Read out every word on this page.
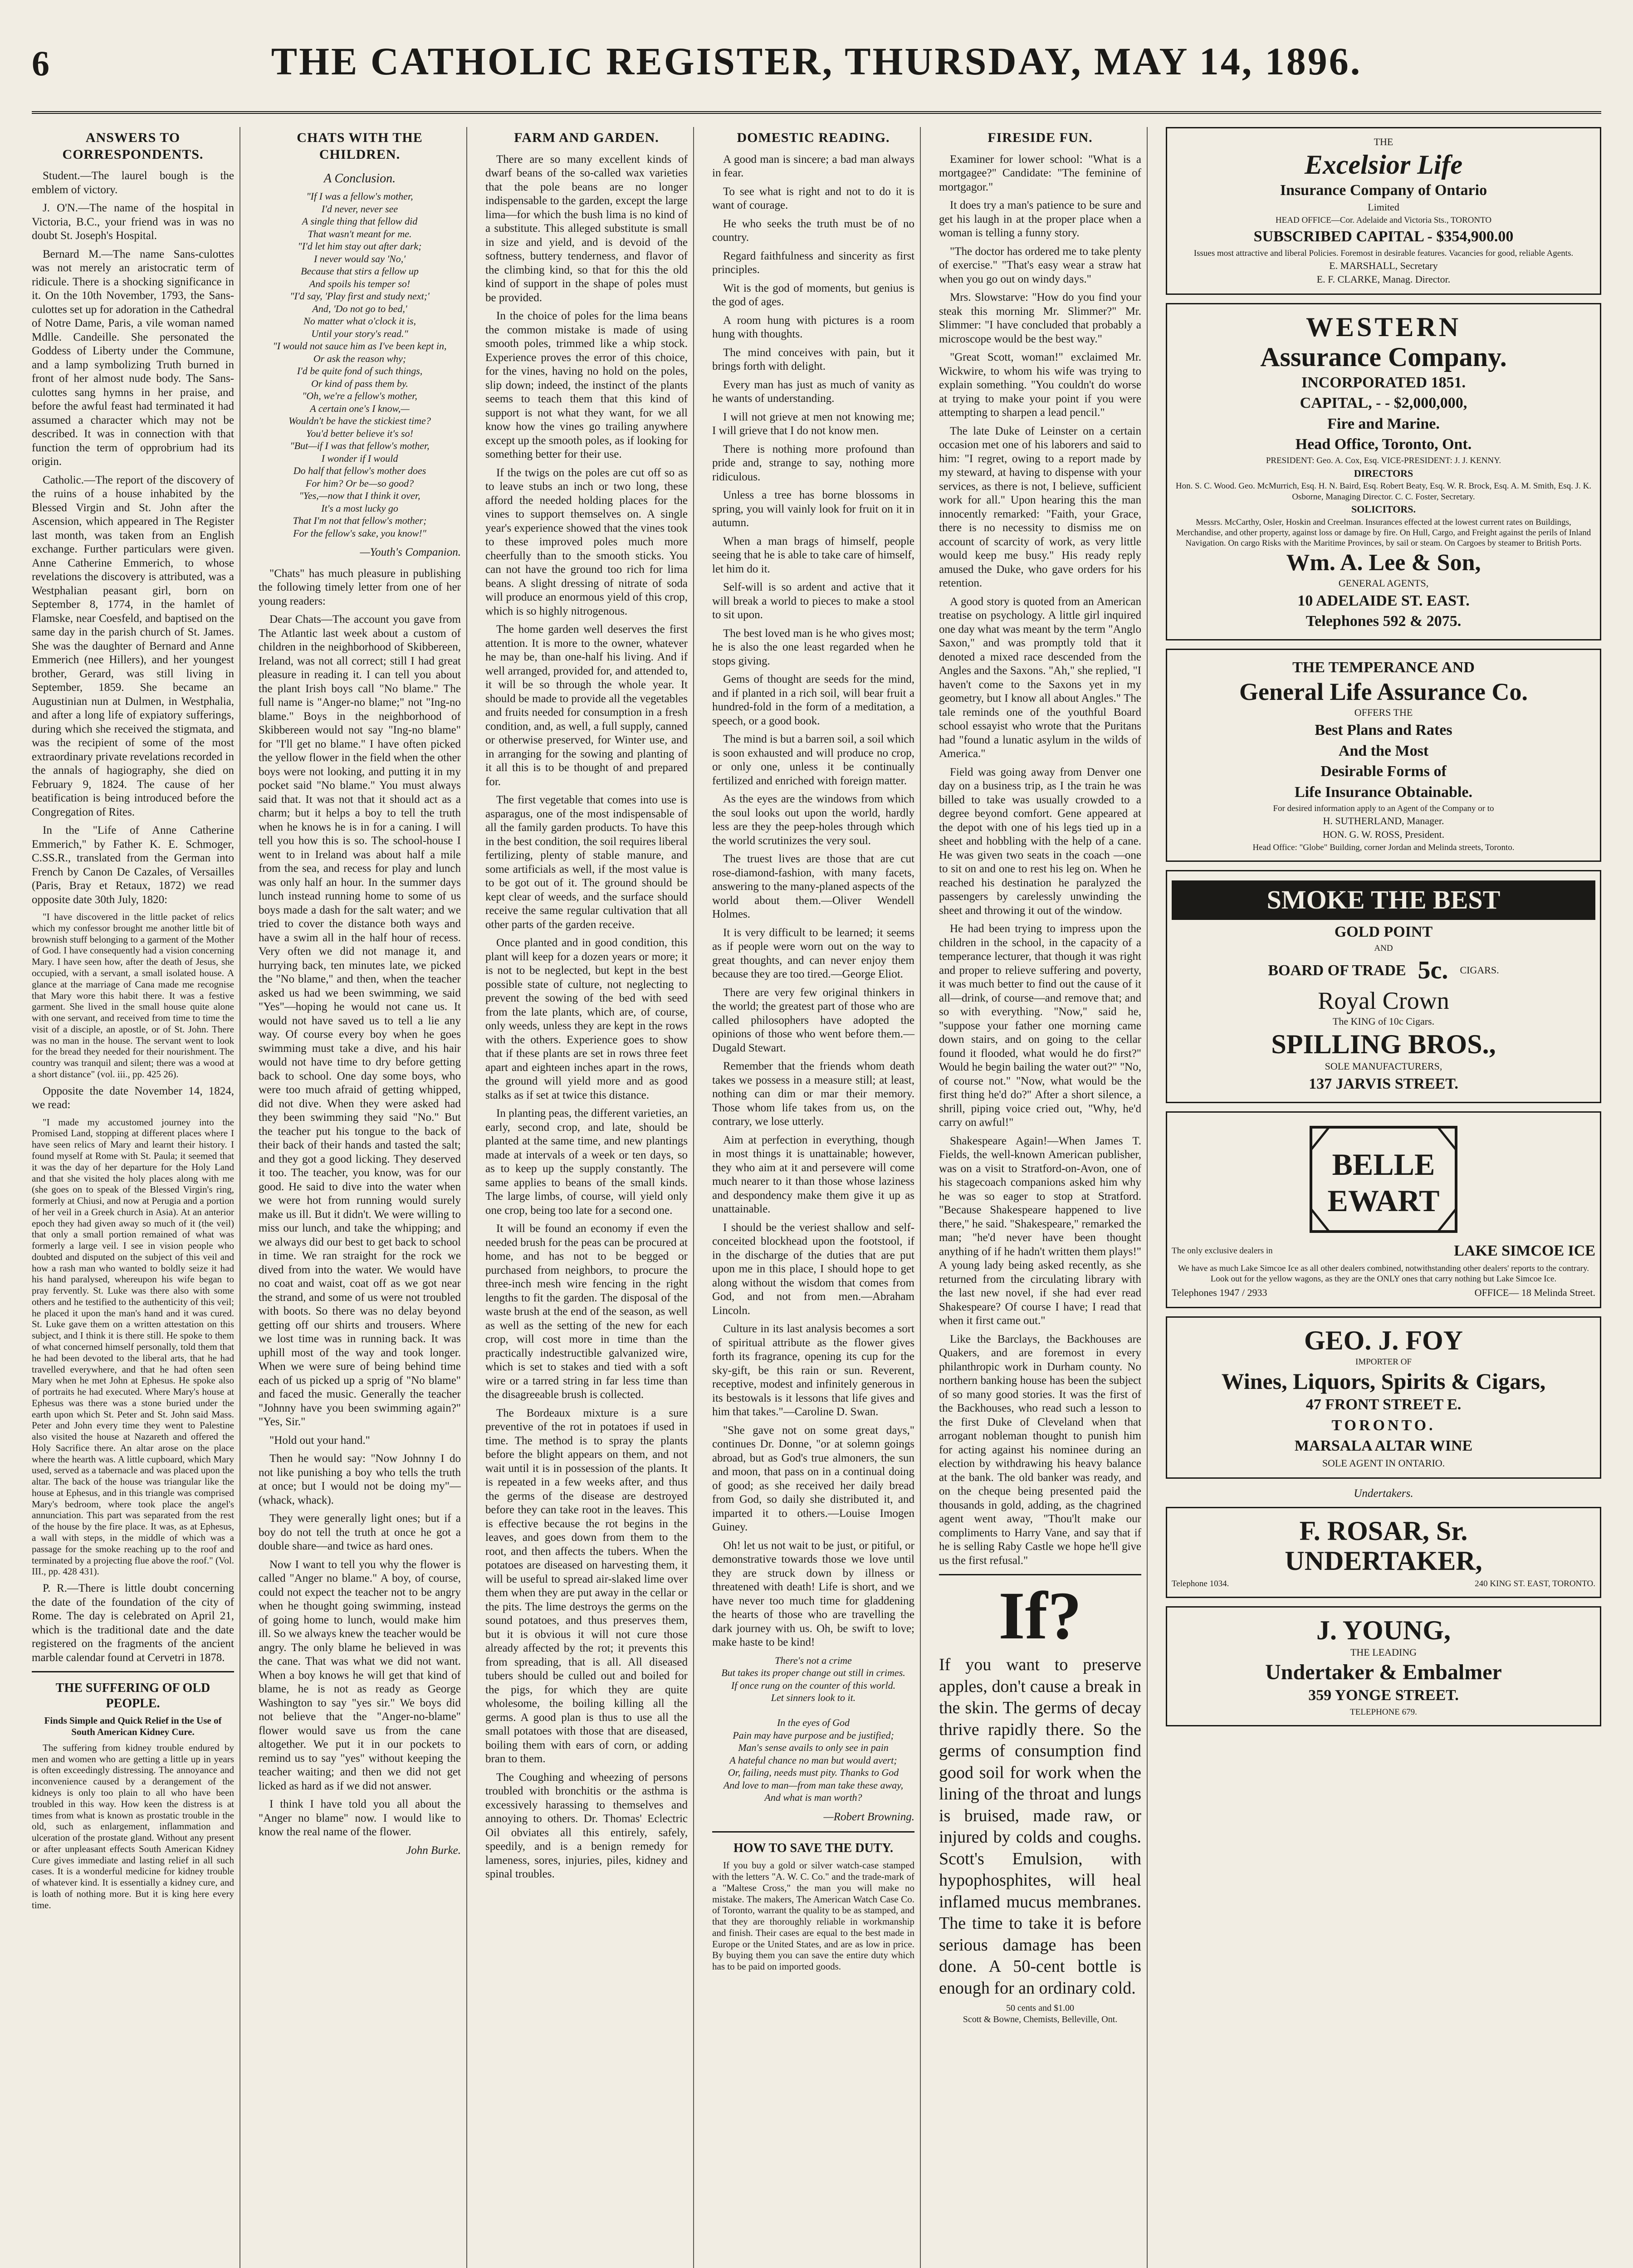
6	THE CATHOLIC REGISTER, THURSDAY, MAY 14, 1896.
ANSWERS TO CORRESPONDENTS.

Student.—The laurel bough is the emblem of victory.

J. O'N.—The name of the hospital in Victoria, B.C., your friend was in was no doubt St. Joseph's Hospital.

Bernard M.—The name Sans-culottes was not merely an aristocratic term of ridicule. There is a shocking significance in it. On the 10th November, 1793, the Sans-culottes set up for adoration in the Cathedral of Notre Dame, Paris, a vile woman named Mdlle. Candeille. She personated the Goddess of Liberty under the Commune, and a lamp symbolizing Truth burned in front of her almost nude body. The Sans-culottes sang hymns in her praise, and before the awful feast had terminated it had assumed a character which may not be described. It was in connection with that function the term of opprobrium had its origin.

Catholic.—The report of the discovery of the ruins of a house inhabited by the Blessed Virgin and St. John after the Ascension, which appeared in The Register last month, was taken from an English exchange. Further particulars were given. Anne Catherine Emmerich, to whose revelations the discovery is attributed, was a Westphalian peasant girl, born on September 8, 1774, in the hamlet of Flamske, near Coesfeld, and baptised on the same day in the parish church of St. James. She was the daughter of Bernard and Anne Emmerich (nee Hillers), and her youngest brother, Gerard, was still living in September, 1859. She became an Augustinian nun at Dulmen, in Westphalia, and after a long life of expiatory sufferings, during which she received the stigmata, and was the recipient of some of the most extraordinary private revelations recorded in the annals of hagiography, she died on February 9, 1824. The cause of her beatification is being introduced before the Congregation of Rites.

In the "Life of Anne Catherine Emmerich," by Father K. E. Schmoger, C.SS.R., translated from the German into French by Canon De Cazales, of Versailles (Paris, Bray et Retaux, 1872) we read opposite date 30th July, 1820:

"I have discovered in the little packet of relics which my confessor brought me another little bit of brownish stuff belonging to a garment of the Mother of God. I have consequently had a vision concerning Mary. I have seen how, after the death of Jesus, she occupied, with a servant, a small isolated house. A glance at the marriage of Cana made me recognise that Mary wore this habit there. It was a festive garment. She lived in the small house quite alone with one servant, and received from time to time the visit of a disciple, an apostle, or of St. John. There was no man in the house. The servant went to look for the bread they needed for their nourishment. The country was tranquil and silent; there was a wood at a short distance" (vol. iii., pp. 425 26).

Opposite the date November 14, 1824, we read:

"I made my accustomed journey into the Promised Land, stopping at different places where I have seen relics of Mary and learnt their history. I found myself at Rome with St. Paula; it seemed that it was the day of her departure for the Holy Land and that she visited the holy places along with me (she goes on to speak of the Blessed Virgin's ring, formerly at Chiusi, and now at Perugia and a portion of her veil in a Greek church in Asia). At an anterior epoch they had given away so much of it (the veil) that only a small portion remained of what was formerly a large veil. I see in vision people who doubted and disputed on the subject of this veil and how a rash man who wanted to boldly seize it had his hand paralysed, whereupon his wife began to pray fervently. St. Luke was there also with some others and he testified to the authenticity of this veil; he placed it upon the man's hand and it was cured. St. Luke gave them on a written attestation on this subject, and I think it is there still. He spoke to them of what concerned himself personally, told them that he had been devoted to the liberal arts, that he had travelled everywhere, and that he had often seen Mary when he met John at Ephesus. He spoke also of portraits he had executed. Where Mary's house at Ephesus was there was a stone buried under the earth upon which St. Peter and St. John said Mass. Peter and John every time they went to Palestine also visited the house at Nazareth and offered the Holy Sacrifice there. An altar arose on the place where the hearth was. A little cupboard, which Mary used, served as a tabernacle and was placed upon the altar. The back of the house was triangular like the house at Ephesus, and in this triangle was comprised Mary's bedroom, where took place the angel's annunciation. This part was separated from the rest of the house by the fire place. It was, as at Ephesus, a wall with steps, in the middle of which was a passage for the smoke reaching up to the roof and terminated by a projecting flue above the roof." (Vol. III., pp. 428 431).

P. R.—There is little doubt concerning the date of the foundation of the city of Rome. The day is celebrated on April 21, which is the traditional date and the date registered on the fragments of the ancient marble calendar found at Cervetri in 1878.

THE SUFFERING OF OLD PEOPLE.

Finds Simple and Quick Relief in the Use of South American Kidney Cure.

The suffering from kidney trouble endured by men and women who are getting a little up in years is often exceedingly distressing. The annoyance and inconvenience caused by a derangement of the kidneys is only too plain to all who have been troubled in this way. How keen the distress is at times from what is known as prostatic trouble in the old, such as enlargement, inflammation and ulceration of the prostate gland. Without any present or after unpleasant effects South American Kidney Cure gives immediate and lasting relief in all such cases. It is a wonderful medicine for kidney trouble of whatever kind. It is essentially a kidney cure, and is loath of nothing more. But it is king here every time.

CHATS WITH THE CHILDREN.
A Conclusion.
"If I was a fellow's mother,
I'd never, never see
A single thing that fellow did
That wasn't meant for me.
"I'd let him stay out after dark;
I never would say 'No,'
Because that stirs a fellow up
And spoils his temper so!
"I'd say, 'Play first and study next;'
And, 'Do not go to bed,'
No matter what o'clock it is,
Until your story's read."
"I would not sauce him as I've been kept in,
Or ask the reason why;
I'd be quite fond of such things,
Or kind of pass them by.
"Oh, we're a fellow's mother,
A certain one's I know,—
Wouldn't be have the stickiest time?
You'd better believe it's so!
"But—if I was that fellow's mother,
I wonder if I would
Do half that fellow's mother does
For him? Or be—so good?
"Yes,—now that I think it over,
It's a most lucky go
That I'm not that fellow's mother;
For the fellow's sake, you know!"
—Youth's Companion.

"Chats" has much pleasure in publishing the following timely letter from one of her young readers:

Dear Chats—The account you gave from The Atlantic last week about a custom of children in the neighborhood of Skibbereen, Ireland, was not all correct; still I had great pleasure in reading it. I can tell you about the plant Irish boys call "No blame." The full name is "Anger-no blame;" not "Ing-no blame." Boys in the neighborhood of Skibbereen would not say "Ing-no blame" for "I'll get no blame." I have often picked the yellow flower in the field when the other boys were not looking, and putting it in my pocket said "No blame." You must always said that. It was not that it should act as a charm; but it helps a boy to tell the truth when he knows he is in for a caning. I will tell you how this is so. The school-house I went to in Ireland was about half a mile from the sea, and recess for play and lunch was only half an hour. In the summer days lunch instead running home to some of us boys made a dash for the salt water; and we tried to cover the distance both ways and have a swim all in the half hour of recess. Very often we did not manage it, and hurrying back, ten minutes late, we picked the "No blame," and then, when the teacher asked us had we been swimming, we said "Yes"—hoping he would not cane us. It would not have saved us to tell a lie any way. Of course every boy when he goes swimming must take a dive, and his hair would not have time to dry before getting back to school. One day some boys, who were too much afraid of getting whipped, did not dive. When they were asked had they been swimming they said "No." But the teacher put his tongue to the back of their back of their hands and tasted the salt; and they got a good licking. They deserved it too. The teacher, you know, was for our good. He said to dive into the water when we were hot from running would surely make us ill. But it didn't. We were willing to miss our lunch, and take the whipping; and we always did our best to get back to school in time. We ran straight for the rock we dived from into the water. We would have no coat and waist, coat off as we got near the strand, and some of us were not troubled with boots. So there was no delay beyond getting off our shirts and trousers. Where we lost time was in running back. It was uphill most of the way and took longer. When we were sure of being behind time each of us picked up a sprig of "No blame" and faced the music. Generally the teacher "Johnny have you been swimming again?" "Yes, Sir."

"Hold out your hand."

Then he would say: "Now Johnny I do not like punishing a boy who tells the truth at once; but I would not be doing my"—(whack, whack).

They were generally light ones; but if a boy do not tell the truth at once he got a double share—and twice as hard ones.

Now I want to tell you why the flower is called "Anger no blame." A boy, of course, could not expect the teacher not to be angry when he thought going swimming, instead of going home to lunch, would make him ill. So we always knew the teacher would be angry. The only blame he believed in was the cane. That was what we did not want. When a boy knows he will get that kind of blame, he is not as ready as George Washington to say "yes sir." We boys did not believe that the "Anger-no-blame" flower would save us from the cane altogether. We put it in our pockets to remind us to say "yes" without keeping the teacher waiting; and then we did not get licked as hard as if we did not answer.

I think I have told you all about the "Anger no blame" now. I would like to know the real name of the flower.

John Burke.
FARM AND GARDEN.

There are so many excellent kinds of dwarf beans of the so-called wax varieties that the pole beans are no longer indispensable to the garden, except the large lima—for which the bush lima is no kind of a substitute. This alleged substitute is small in size and yield, and is devoid of the softness, buttery tenderness, and flavor of the climbing kind, so that for this the old kind of support in the shape of poles must be provided.

In the choice of poles for the lima beans the common mistake is made of using smooth poles, trimmed like a whip stock. Experience proves the error of this choice, for the vines, having no hold on the poles, slip down; indeed, the instinct of the plants seems to teach them that this kind of support is not what they want, for we all know how the vines go trailing anywhere except up the smooth poles, as if looking for something better for their use.

If the twigs on the poles are cut off so as to leave stubs an inch or two long, these afford the needed holding places for the vines to support themselves on. A single year's experience showed that the vines took to these improved poles much more cheerfully than to the smooth sticks. You can not have the ground too rich for lima beans. A slight dressing of nitrate of soda will produce an enormous yield of this crop, which is so highly nitrogenous.

The home garden well deserves the first attention. It is more to the owner, whatever he may be, than one-half his living. And if well arranged, provided for, and attended to, it will be so through the whole year. It should be made to provide all the vegetables and fruits needed for consumption in a fresh condition, and, as well, a full supply, canned or otherwise preserved, for Winter use, and in arranging for the sowing and planting of it all this is to be thought of and prepared for.

The first vegetable that comes into use is asparagus, one of the most indispensable of all the family garden products. To have this in the best condition, the soil requires liberal fertilizing, plenty of stable manure, and some artificials as well, if the most value is to be got out of it. The ground should be kept clear of weeds, and the surface should receive the same regular cultivation that all other parts of the garden receive.

Once planted and in good condition, this plant will keep for a dozen years or more; it is not to be neglected, but kept in the best possible state of culture, not neglecting to prevent the sowing of the bed with seed from the late plants, which are, of course, only weeds, unless they are kept in the rows with the others. Experience goes to show that if these plants are set in rows three feet apart and eighteen inches apart in the rows, the ground will yield more and as good stalks as if set at twice this distance.

In planting peas, the different varieties, an early, second crop, and late, should be planted at the same time, and new plantings made at intervals of a week or ten days, so as to keep up the supply constantly. The same applies to beans of the small kinds. The large limbs, of course, will yield only one crop, being too late for a second one.

It will be found an economy if even the needed brush for the peas can be procured at home, and has not to be begged or purchased from neighbors, to procure the three-inch mesh wire fencing in the right lengths to fit the garden. The disposal of the waste brush at the end of the season, as well as well as the setting of the new for each crop, will cost more in time than the practically indestructible galvanized wire, which is set to stakes and tied with a soft wire or a tarred string in far less time than the disagreeable brush is collected.

The Bordeaux mixture is a sure preventive of the rot in potatoes if used in time. The method is to spray the plants before the blight appears on them, and not wait until it is in possession of the plants. It is repeated in a few weeks after, and thus the germs of the disease are destroyed before they can take root in the leaves. This is effective because the rot begins in the leaves, and goes down from them to the root, and then affects the tubers. When the potatoes are diseased on harvesting them, it will be useful to spread air-slaked lime over them when they are put away in the cellar or the pits. The lime destroys the germs on the sound potatoes, and thus preserves them, but it is obvious it will not cure those already affected by the rot; it prevents this from spreading, that is all. All diseased tubers should be culled out and boiled for the pigs, for which they are quite wholesome, the boiling killing all the germs. A good plan is thus to use all the small potatoes with those that are diseased, boiling them with ears of corn, or adding bran to them.

The Coughing and wheezing of persons troubled with bronchitis or the asthma is excessively harassing to themselves and annoying to others. Dr. Thomas' Eclectric Oil obviates all this entirely, safely, speedily, and is a benign remedy for lameness, sores, injuries, piles, kidney and spinal troubles.

DOMESTIC READING.

A good man is sincere; a bad man always in fear.

To see what is right and not to do it is want of courage.

He who seeks the truth must be of no country.

Regard faithfulness and sincerity as first principles.

Wit is the god of moments, but genius is the god of ages.

A room hung with pictures is a room hung with thoughts.

The mind conceives with pain, but it brings forth with delight.

Every man has just as much of vanity as he wants of understanding.

I will not grieve at men not knowing me; I will grieve that I do not know men.

There is nothing more profound than pride and, strange to say, nothing more ridiculous.

Unless a tree has borne blossoms in spring, you will vainly look for fruit on it in autumn.

When a man brags of himself, people seeing that he is able to take care of himself, let him do it.

Self-will is so ardent and active that it will break a world to pieces to make a stool to sit upon.

The best loved man is he who gives most; he is also the one least regarded when he stops giving.

Gems of thought are seeds for the mind, and if planted in a rich soil, will bear fruit a hundred-fold in the form of a meditation, a speech, or a good book.

The mind is but a barren soil, a soil which is soon exhausted and will produce no crop, or only one, unless it be continually fertilized and enriched with foreign matter.

As the eyes are the windows from which the soul looks out upon the world, hardly less are they the peep-holes through which the world scrutinizes the very soul.

The truest lives are those that are cut rose-diamond-fashion, with many facets, answering to the many-planed aspects of the world about them.—Oliver Wendell Holmes.

It is very difficult to be learned; it seems as if people were worn out on the way to great thoughts, and can never enjoy them because they are too tired.—George Eliot.

There are very few original thinkers in the world; the greatest part of those who are called philosophers have adopted the opinions of those who went before them.—Dugald Stewart.

Remember that the friends whom death takes we possess in a measure still; at least, nothing can dim or mar their memory. Those whom life takes from us, on the contrary, we lose utterly.

Aim at perfection in everything, though in most things it is unattainable; however, they who aim at it and persevere will come much nearer to it than those whose laziness and despondency make them give it up as unattainable.

I should be the veriest shallow and self-conceited blockhead upon the footstool, if in the discharge of the duties that are put upon me in this place, I should hope to get along without the wisdom that comes from God, and not from men.—Abraham Lincoln.

Culture in its last analysis becomes a sort of spiritual attribute as the flower gives forth its fragrance, opening its cup for the sky-gift, be this rain or sun. Reverent, receptive, modest and infinitely generous in its bestowals is it lessons that life gives and him that takes."—Caroline D. Swan.

"She gave not on some great days," continues Dr. Donne, "or at solemn goings abroad, but as God's true almoners, the sun and moon, that pass on in a continual doing of good; as she received her daily bread from God, so daily she distributed it, and imparted it to others.—Louise Imogen Guiney.

Oh! let us not wait to be just, or pitiful, or demonstrative towards those we love until they are struck down by illness or threatened with death! Life is short, and we have never too much time for gladdening the hearts of those who are travelling the dark journey with us. Oh, be swift to love; make haste to be kind!

There's not a crime
But takes its proper change out still in crimes.
If once rung on the counter of this world.
Let sinners look to it.

In the eyes of God
Pain may have purpose and be justified;
Man's sense avails to only see in pain
A hateful chance no man but would avert;
Or, failing, needs must pity. Thanks to God
And love to man—from man take these away,
And what is man worth?
—Robert Browning.
HOW TO SAVE THE DUTY.

If you buy a gold or silver watch-case stamped with the letters "A. W. C. Co." and the trade-mark of a "Maltese Cross," the man you will make no mistake. The makers, The American Watch Case Co. of Toronto, warrant the quality to be as stamped, and that they are thoroughly reliable in workmanship and finish. Their cases are equal to the best made in Europe or the United States, and are as low in price. By buying them you can save the entire duty which has to be paid on imported goods.

FIRESIDE FUN.

Examiner for lower school: "What is a mortgagee?" Candidate: "The feminine of mortgagor."

It does try a man's patience to be sure and get his laugh in at the proper place when a woman is telling a funny story.

"The doctor has ordered me to take plenty of exercise." "That's easy wear a straw hat when you go out on windy days."

Mrs. Slowstarve: "How do you find your steak this morning Mr. Slimmer?" Mr. Slimmer: "I have concluded that probably a microscope would be the best way."

"Great Scott, woman!" exclaimed Mr. Wickwire, to whom his wife was trying to explain something. "You couldn't do worse at trying to make your point if you were attempting to sharpen a lead pencil."

The late Duke of Leinster on a certain occasion met one of his laborers and said to him: "I regret, owing to a report made by my steward, at having to dispense with your services, as there is not, I believe, sufficient work for all." Upon hearing this the man innocently remarked: "Faith, your Grace, there is no necessity to dismiss me on account of scarcity of work, as very little would keep me busy." His ready reply amused the Duke, who gave orders for his retention.

A good story is quoted from an American treatise on psychology. A little girl inquired one day what was meant by the term "Anglo Saxon," and was promptly told that it denoted a mixed race descended from the Angles and the Saxons. "Ah," she replied, "I haven't come to the Saxons yet in my geometry, but I know all about Angles." The tale reminds one of the youthful Board school essayist who wrote that the Puritans had "found a lunatic asylum in the wilds of America."

Field was going away from Denver one day on a business trip, as I the train he was billed to take was usually crowded to a degree beyond comfort. Gene appeared at the depot with one of his legs tied up in a sheet and hobbling with the help of a cane. He was given two seats in the coach —one to sit on and one to rest his leg on. When he reached his destination he paralyzed the passengers by carelessly unwinding the sheet and throwing it out of the window.

He had been trying to impress upon the children in the school, in the capacity of a temperance lecturer, that though it was right and proper to relieve suffering and poverty, it was much better to find out the cause of it all—drink, of course—and remove that; and so with everything. "Now," said he, "suppose your father one morning came down stairs, and on going to the cellar found it flooded, what would he do first?" Would he begin bailing the water out?" "No, of course not." "Now, what would be the first thing he'd do?" After a short silence, a shrill, piping voice cried out, "Why, he'd carry on awful!"

Shakespeare Again!—When James T. Fields, the well-known American publisher, was on a visit to Stratford-on-Avon, one of his stagecoach companions asked him why he was so eager to stop at Stratford. "Because Shakespeare happened to live there," he said. "Shakespeare," remarked the man; "he'd never have been thought anything of if he hadn't written them plays!" A young lady being asked recently, as she returned from the circulating library with the last new novel, if she had ever read Shakespeare? Of course I have; I read that when it first came out."

Like the Barclays, the Backhouses are Quakers, and are foremost in every philanthropic work in Durham county. No northern banking house has been the subject of so many good stories. It was the first of the Backhouses, who read such a lesson to the first Duke of Cleveland when that arrogant nobleman thought to punish him for acting against his nominee during an election by withdrawing his heavy balance at the bank. The old banker was ready, and on the cheque being presented paid the thousands in gold, adding, as the chagrined agent went away, "Thou'lt make our compliments to Harry Vane, and say that if he is selling Raby Castle we hope he'll give us the first refusal."

If?
If you want to preserve apples, don't cause a break in the skin. The germs of decay thrive rapidly there. So the germs of consumption find good soil for work when the lining of the throat and lungs is bruised, made raw, or injured by colds and coughs. Scott's Emulsion, with hypophosphites, will heal inflamed mucus membranes. The time to take it is before serious damage has been done. A 50-cent bottle is enough for an ordinary cold.
50 cents and $1.00
Scott & Bowne, Chemists, Belleville, Ont.
THE
Excelsior Life
Insurance Company of Ontario
Limited
HEAD OFFICE—Cor. Adelaide and Victoria Sts., TORONTO
SUBSCRIBED CAPITAL - $354,900.00
Issues most attractive and liberal Policies. Foremost in desirable features. Vacancies for good, reliable Agents.
E. MARSHALL, Secretary
E. F. CLARKE, Manag. Director.
WESTERN
Assurance Company.
INCORPORATED 1851.
CAPITAL, - - $2,000,000,
Fire and Marine.
Head Office, Toronto, Ont.
PRESIDENT: Geo. A. Cox, Esq. VICE-PRESIDENT: J. J. KENNY.
DIRECTORS
Hon. S. C. Wood. Geo. McMurrich, Esq. H. N. Baird, Esq. Robert Beaty, Esq. W. R. Brock, Esq. A. M. Smith, Esq. J. K. Osborne, Managing Director. C. C. Foster, Secretary.
SOLICITORS.
Messrs. McCarthy, Osler, Hoskin and Creelman. Insurances effected at the lowest current rates on Buildings, Merchandise, and other property, against loss or damage by fire. On Hull, Cargo, and Freight against the perils of Inland Navigation. On cargo Risks with the Maritime Provinces, by sail or steam. On Cargoes by steamer to British Ports.
Wm. A. Lee & Son,
GENERAL AGENTS,
10 ADELAIDE ST. EAST.
Telephones 592 & 2075.
THE TEMPERANCE AND
General Life Assurance Co.
OFFERS THE
Best Plans and Rates
And the Most
Desirable Forms of
Life Insurance Obtainable.
For desired information apply to an Agent of the Company or to
H. SUTHERLAND, Manager.
HON. G. W. ROSS, President.
Head Office: "Globe" Building, corner Jordan and Melinda streets, Toronto.
SMOKE THE BEST
GOLD POINT
AND
BOARD OF TRADE 5c. CIGARS.
Royal Crown
The KING of 10c Cigars.
SPILLING BROS.,
SOLE MANUFACTURERS,
137 JARVIS STREET.
BELLE
EWART
The only exclusive dealers in	LAKE SIMCOE ICE
We have as much Lake Simcoe Ice as all other dealers combined, notwithstanding other dealers' reports to the contrary. Look out for the yellow wagons, as they are the ONLY ones that carry nothing but Lake Simcoe Ice.
Telephones 1947 / 2933	OFFICE— 18 Melinda Street.
GEO. J. FOY
IMPORTER OF
Wines, Liquors, Spirits & Cigars,
47 FRONT STREET E.
TORONTO.
MARSALA ALTAR WINE
SOLE AGENT IN ONTARIO.
Undertakers.
F. ROSAR, Sr.
UNDERTAKER,
Telephone 1034.	240 KING ST. EAST, TORONTO.
J. YOUNG,
THE LEADING
Undertaker & Embalmer
359 YONGE STREET.
TELEPHONE 679.
